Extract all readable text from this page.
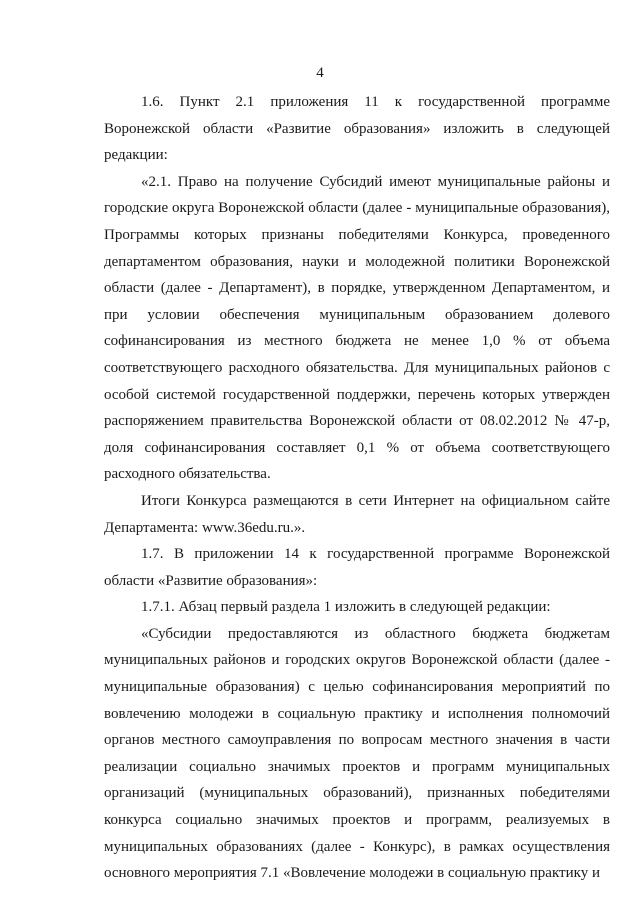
4

1.6. Пункт 2.1 приложения 11 к государственной программе Воронежской области «Развитие образования» изложить в следующей редакции:

«2.1. Право на получение Субсидий имеют муниципальные районы и городские округа Воронежской области (далее - муниципальные образования), Программы которых признаны победителями Конкурса, проведенного департаментом образования, науки и молодежной политики Воронежской области (далее - Департамент), в порядке, утвержденном Департаментом, и при условии обеспечения муниципальным образованием долевого софинансирования из местного бюджета не менее 1,0 % от объема соответствующего расходного обязательства. Для муниципальных районов с особой системой государственной поддержки, перечень которых утвержден распоряжением правительства Воронежской области от 08.02.2012 № 47-р, доля софинансирования составляет 0,1 % от объема соответствующего расходного обязательства.

Итоги Конкурса размещаются в сети Интернет на официальном сайте Департамента: www.36edu.ru.».

1.7. В приложении 14 к государственной программе Воронежской области «Развитие образования»:

1.7.1. Абзац первый раздела 1 изложить в следующей редакции:

«Субсидии предоставляются из областного бюджета бюджетам муниципальных районов и городских округов Воронежской области (далее - муниципальные образования) с целью софинансирования мероприятий по вовлечению молодежи в социальную практику и исполнения полномочий органов местного самоуправления по вопросам местного значения в части реализации социально значимых проектов и программ муниципальных организаций (муниципальных образований), признанных победителями конкурса социально значимых проектов и программ, реализуемых в муниципальных образованиях (далее - Конкурс), в рамках осуществления основного мероприятия 7.1 «Вовлечение молодежи в социальную практику и
